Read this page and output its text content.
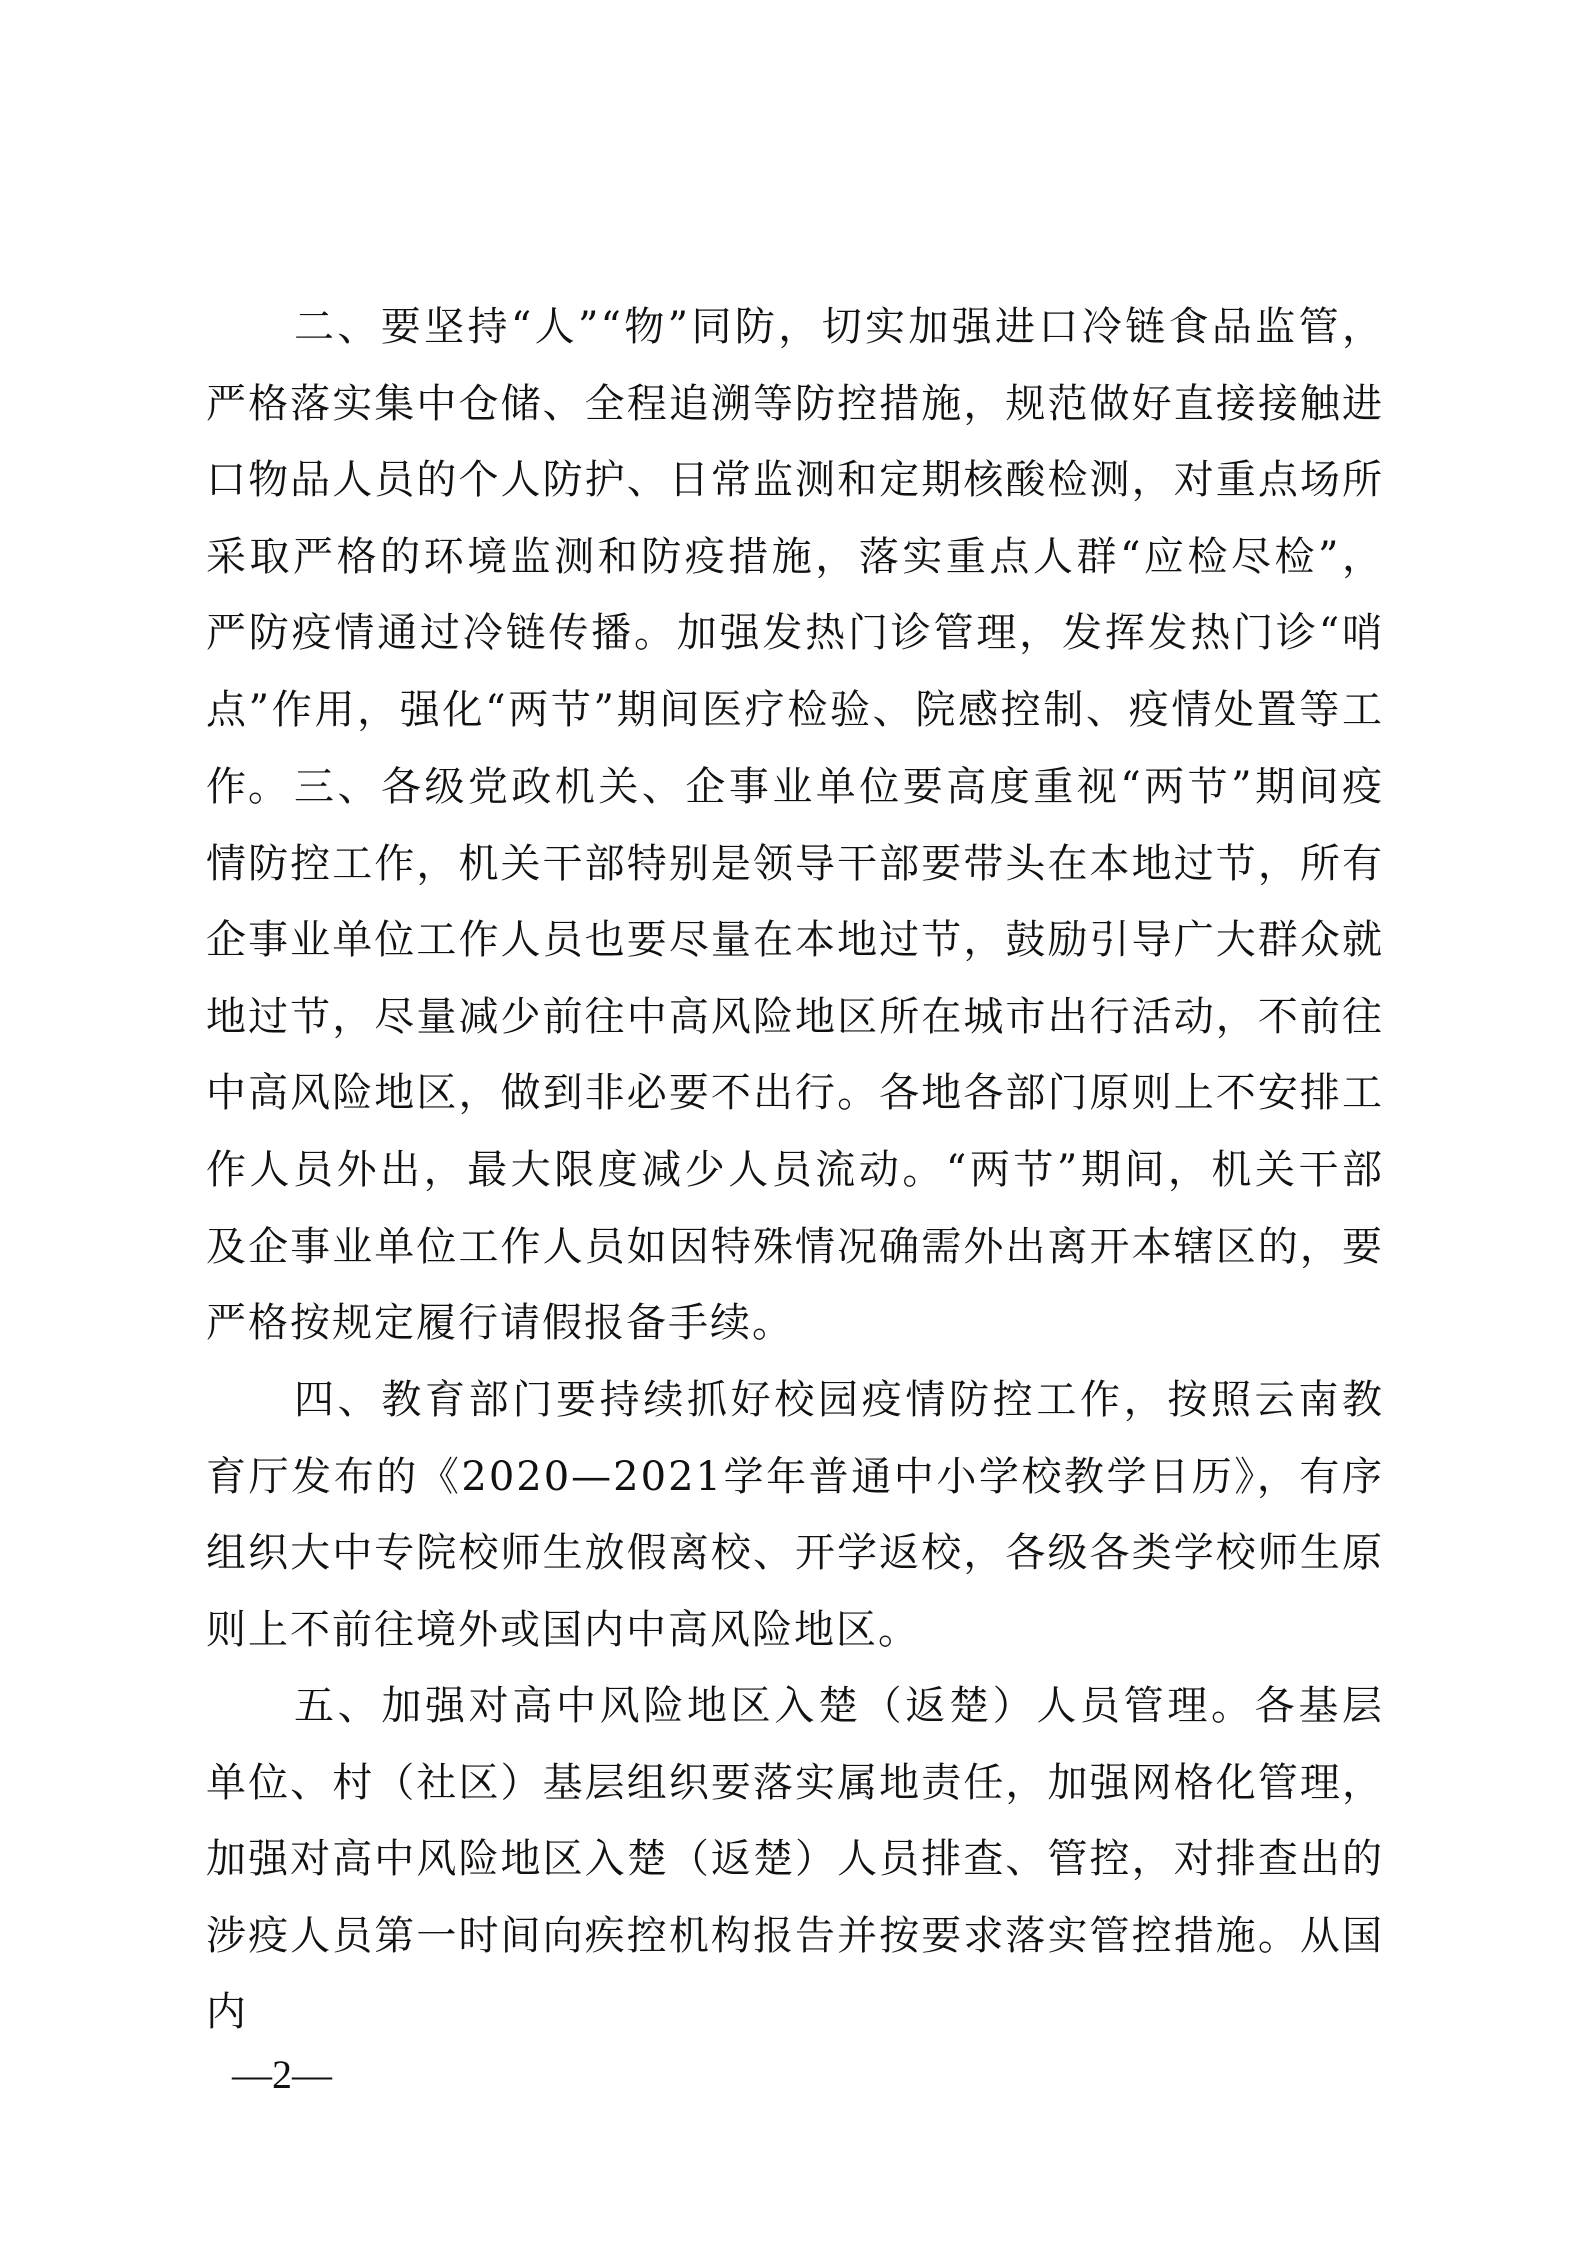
二、要坚持“人”“物”同防，切实加强进口冷链食品监管，严格落实集中仓储、全程追溯等防控措施，规范做好直接接触进口物品人员的个人防护、日常监测和定期核酸检测，对重点场所采取严格的环境监测和防疫措施，落实重点人群“应检尽检”，严防疫情通过冷链传播。加强发热门诊管理，发挥发热门诊“哨点”作用，强化“两节”期间医疗检验、院感控制、疫情处置等工作。 三、各级党政机关、企事业单位要高度重视“两节”期间疫情防控工作，机关干部特别是领导干部要带头在本地过节，所有企事业单位工作人员也要尽量在本地过节，鼓励引导广大群众就地过节，尽量减少前往中高风险地区所在城市出行活动，不前往中高风险地区，做到非必要不出行。各地各部门原则上不安排工作人员外出，最大限度减少人员流动。“两节”期间，机关干部及企事业单位工作人员如因特殊情况确需外出离开本辖区的，要严格按规定履行请假报备手续。

四、教育部门要持续抓好校园疫情防控工作，按照云南教育厅发布的《2020—2021学年普通中小学校教学日历》，有序组织大中专院校师生放假离校、开学返校，各级各类学校师生原则上不前往境外或国内中高风险地区。

五、加强对高中风险地区入楚（返楚）人员管理。各基层单位、村（社区）基层组织要落实属地责任，加强网格化管理，加强对高中风险地区入楚（返楚）人员排查、管控，对排查出的涉疫人员第一时间向疾控机构报告并按要求落实管控措施。从国内

—2—
